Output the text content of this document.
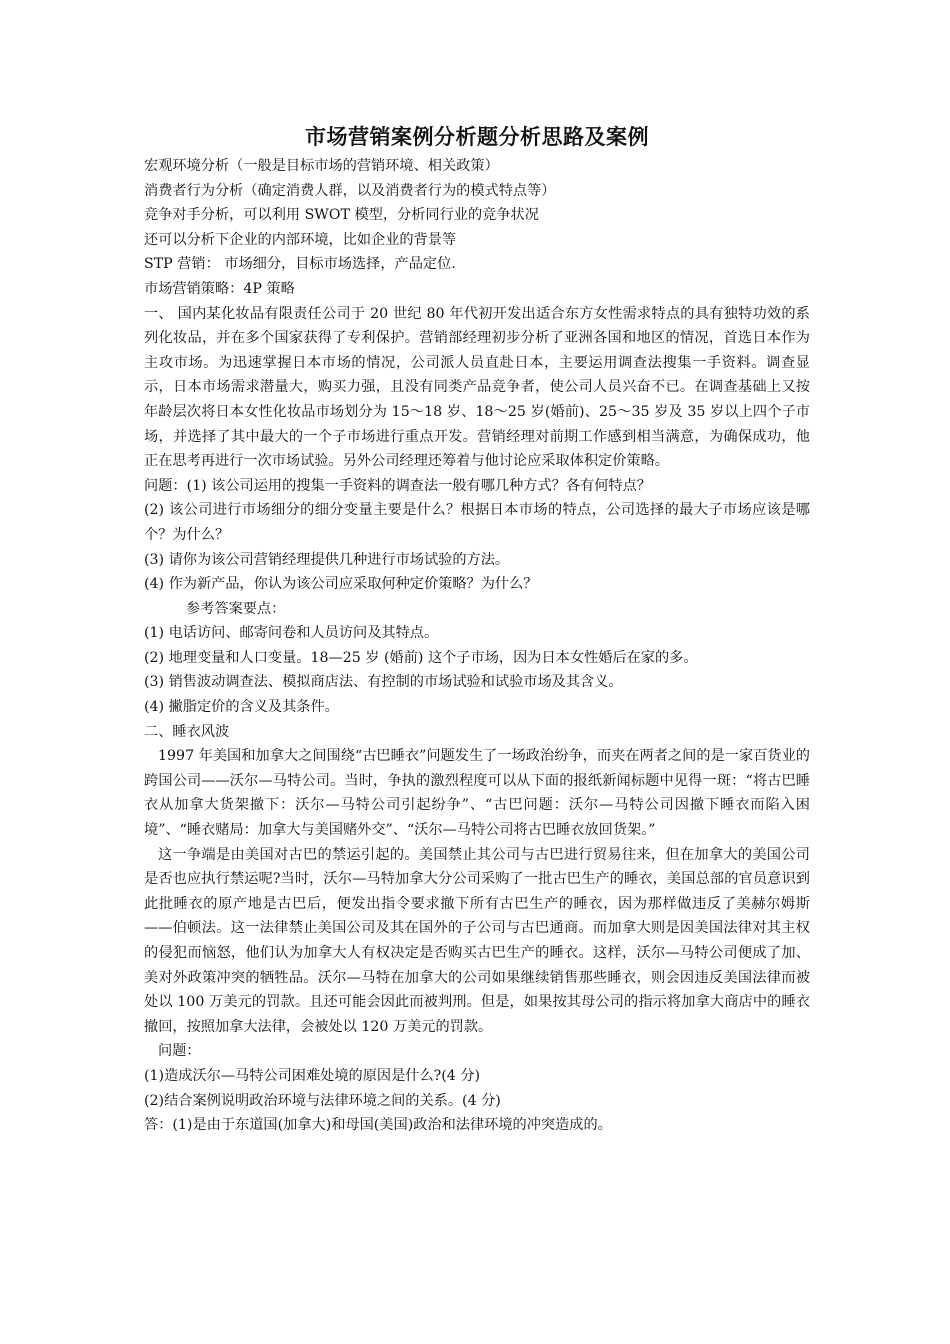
市场营销案例分析题分析思路及案例
宏观环境分析（一般是目标市场的营销环境、相关政策）
消费者行为分析（确定消费人群，以及消费者行为的模式特点等）
竞争对手分析，可以利用 SWOT 模型，分析同行业的竞争状况
还可以分析下企业的内部环境，比如企业的背景等
STP 营销： 市场细分，目标市场选择，产品定位.
市场营销策略：4P 策略
一、 国内某化妆品有限责任公司于 20 世纪 80 年代初开发出适合东方女性需求特点的具有独特功效的系列化妆品，并在多个国家获得了专利保护。营销部经理初步分析了亚洲各国和地区的情况，首选日本作为主攻市场。为迅速掌握日本市场的情况，公司派人员直赴日本，主要运用调查法搜集一手资料。调查显示，日本市场需求潜量大，购买力强，且没有同类产品竞争者，使公司人员兴奋不已。在调查基础上又按年龄层次将日本女性化妆品市场划分为 15～18 岁、18～25 岁(婚前)、25～35 岁及 35 岁以上四个子市场，并选择了其中最大的一个子市场进行重点开发。营销经理对前期工作感到相当满意，为确保成功，他正在思考再进行一次市场试验。另外公司经理还筹着与他讨论应采取体积定价策略。
问题：(1) 该公司运用的搜集一手资料的调查法一般有哪几种方式？各有何特点？
(2) 该公司进行市场细分的细分变量主要是什么？根据日本市场的特点，公司选择的最大子市场应该是哪个？为什么？
(3) 请你为该公司营销经理提供几种进行市场试验的方法。
(4) 作为新产品，你认为该公司应采取何种定价策略？为什么？
参考答案要点：
(1) 电话访问、邮寄问卷和人员访问及其特点。
(2) 地理变量和人口变量。18—25 岁 (婚前) 这个子市场，因为日本女性婚后在家的多。
(3) 销售波动调查法、模拟商店法、有控制的市场试验和试验市场及其含义。
(4) 撇脂定价的含义及其条件。
二、睡衣风波
1997 年美国和加拿大之间围绕“古巴睡衣”问题发生了一场政治纷争，而夹在两者之间的是一家百货业的跨国公司——沃尔—马特公司。当时，争执的激烈程度可以从下面的报纸新闻标题中见得一斑：“将古巴睡衣从加拿大货架撤下：沃尔—马特公司引起纷争”、“古巴问题：沃尔—马特公司因撤下睡衣而陷入困境”、“睡衣赌局：加拿大与美国赌外交”、“沃尔—马特公司将古巴睡衣放回货架。”
这一争端是由美国对古巴的禁运引起的。美国禁止其公司与古巴进行贸易往来，但在加拿大的美国公司是否也应执行禁运呢?当时，沃尔—马特加拿大分公司采购了一批古巴生产的睡衣，美国总部的官员意识到此批睡衣的原产地是古巴后，便发出指令要求撤下所有古巴生产的睡衣，因为那样做违反了美赫尔姆斯——伯顿法。这一法律禁止美国公司及其在国外的子公司与古巴通商。而加拿大则是因美国法律对其主权的侵犯而恼怒，他们认为加拿大人有权决定是否购买古巴生产的睡衣。这样，沃尔—马特公司便成了加、美对外政策冲突的牺牲品。沃尔—马特在加拿大的公司如果继续销售那些睡衣，则会因违反美国法律而被处以 100 万美元的罚款。且还可能会因此而被判刑。但是，如果按其母公司的指示将加拿大商店中的睡衣撤回，按照加拿大法律，会被处以 120 万美元的罚款。
问题：
(1)造成沃尔—马特公司困难处境的原因是什么?(4 分)
(2)结合案例说明政治环境与法律环境之间的关系。(4 分)
答：(1)是由于东道国(加拿大)和母国(美国)政治和法律环境的冲突造成的。
